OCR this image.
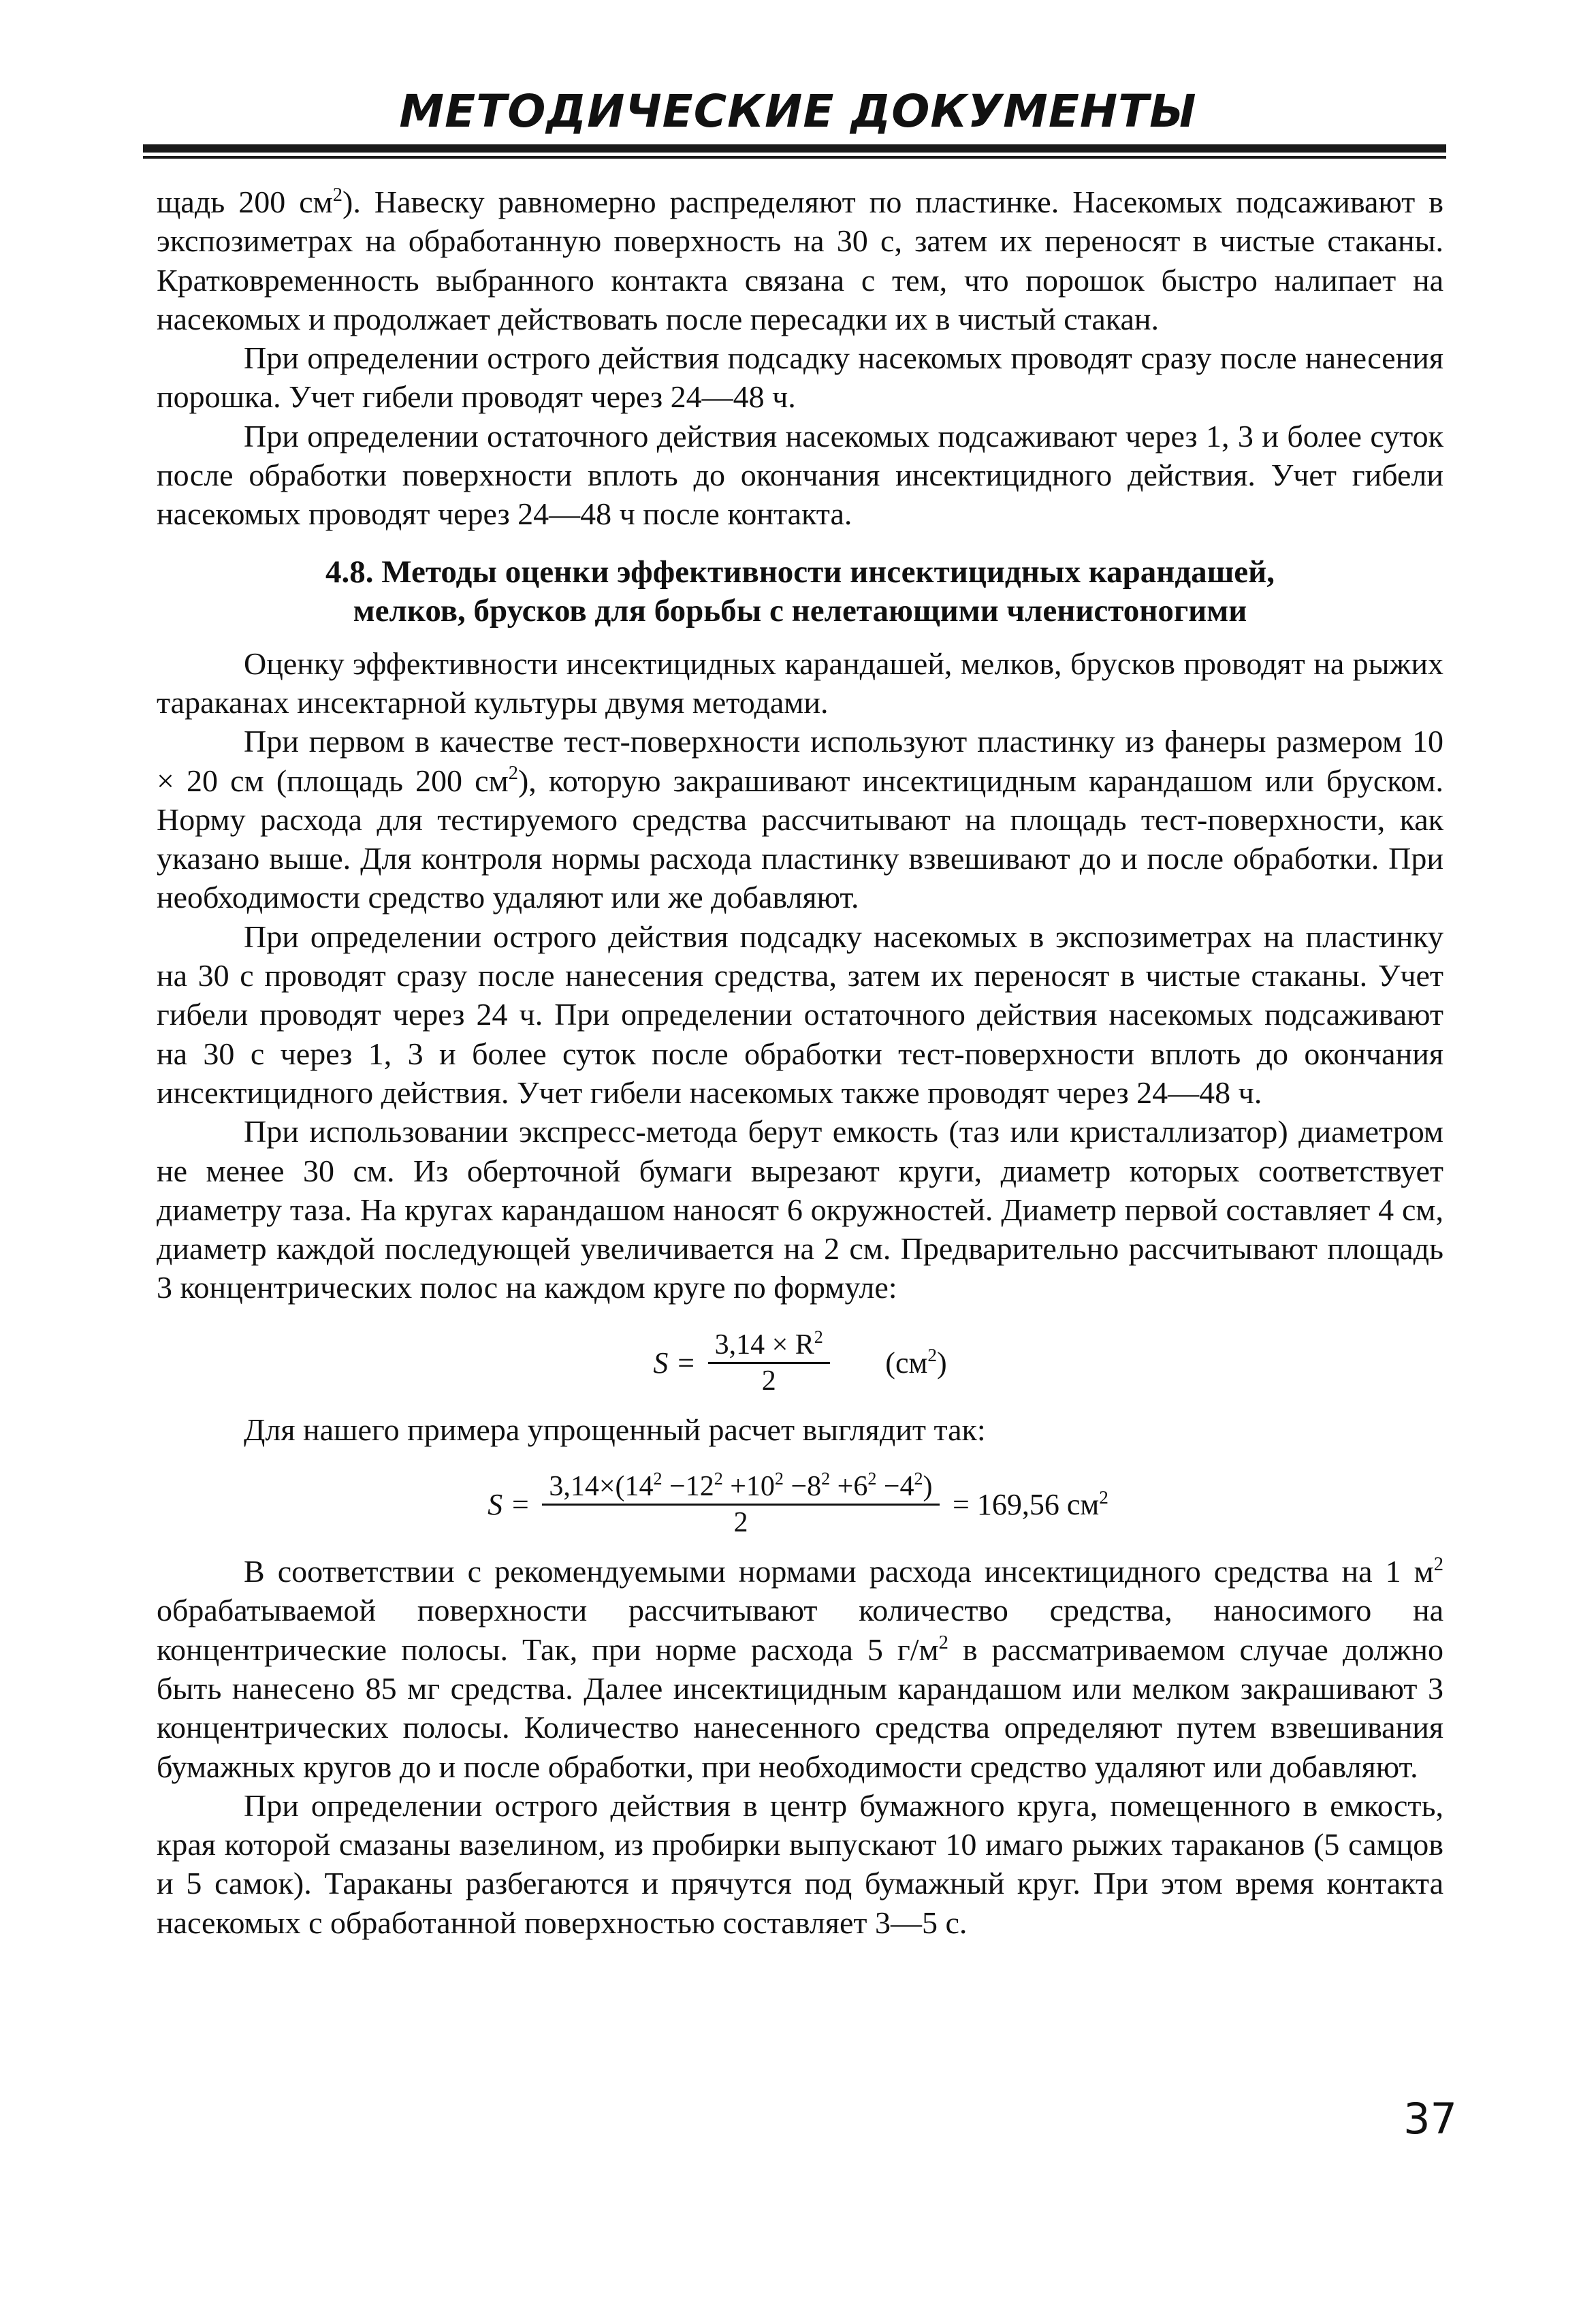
МЕТОДИЧЕСКИЕ ДОКУМЕНТЫ

щадь 200 $см^2$). Навеску равномерно распределяют по пластинке. Насекомых подсаживают в экспозиметрах на обработанную поверхность на 30 с, затем их переносят в чистые стаканы. Кратковременность выбранного контакта связана с тем, что порошок быстро налипает на насекомых и продолжает действовать после пересадки их в чистый стакан.

При определении острого действия подсадку насекомых проводят сразу после нанесения порошка. Учет гибели проводят через 24—48 ч.

При определении остаточного действия насекомых подсаживают через 1, 3 и более суток после обработки поверхности вплоть до окончания инсектицидного действия. Учет гибели насекомых проводят через 24—48 ч после контакта.

4.8. Методы оценки эффективности инсектицидных карандашей,
мелков, брусков для борьбы с нелетающими членистоногими

Оценку эффективности инсектицидных карандашей, мелков, брусков проводят на рыжих тараканах инсектарной культуры двумя методами.

При первом в качестве тест-поверхности используют пластинку из фанеры размером 10 × 20 см (площадь 200 $см^2$), которую закрашивают инсектицидным карандашом или бруском. Норму расхода для тестируемого средства рассчитывают на площадь тест-поверхности, как указано выше. Для контроля нормы расхода пластинку взвешивают до и после обработки. При необходимости средство удаляют или же добавляют.

При определении острого действия подсадку насекомых в экспозиметрах на пластинку на 30 с проводят сразу после нанесения средства, затем их переносят в чистые стаканы. Учет гибели проводят через 24 ч. При определении остаточного действия насекомых подсаживают на 30 с через 1, 3 и более суток после обработки тест-поверхности вплоть до окончания инсектицидного действия. Учет гибели насекомых также проводят через 24—48 ч.

При использовании экспресс-метода берут емкость (таз или кристаллизатор) диаметром не менее 30 см. Из оберточной бумаги вырезают круги, диаметр которых соответствует диаметру таза. На кругах карандашом наносят 6 окружностей. Диаметр первой составляет 4 см, диаметр каждой последующей увеличивается на 2 см. Предварительно рассчитывают площадь 3 концентрических полос на каждом круге по формуле:

$S = \frac{3,14 \times R^2}{2} (см^2)$

Для нашего примера упрощенный расчет выглядит так:

$S = \frac{3,14\times(14^2 -12^2 +10^2 -8^2 +6^2 -4^2)}{2} = 169,56$ $см^2$

В соответствии с рекомендуемыми нормами расхода инсектицидного средства на 1 $м^2$ обрабатываемой поверхности рассчитывают количество средства, наносимого на концентрические полосы. Так, при норме расхода 5 $г/м^2$ в рассматриваемом случае должно быть нанесено 85 мг средства. Далее инсектицидным карандашом или мелком закрашивают 3 концентрических полосы. Количество нанесенного средства определяют путем взвешивания бумажных кругов до и после обработки, при необходимости средство удаляют или добавляют.

При определении острого действия в центр бумажного круга, помещенного в емкость, края которой смазаны вазелином, из пробирки выпускают 10 имаго рыжих тараканов (5 самцов и 5 самок). Тараканы разбегаются и прячутся под бумажный круг. При этом время контакта насекомых с обработанной поверхностью составляет 3—5 с.

37
